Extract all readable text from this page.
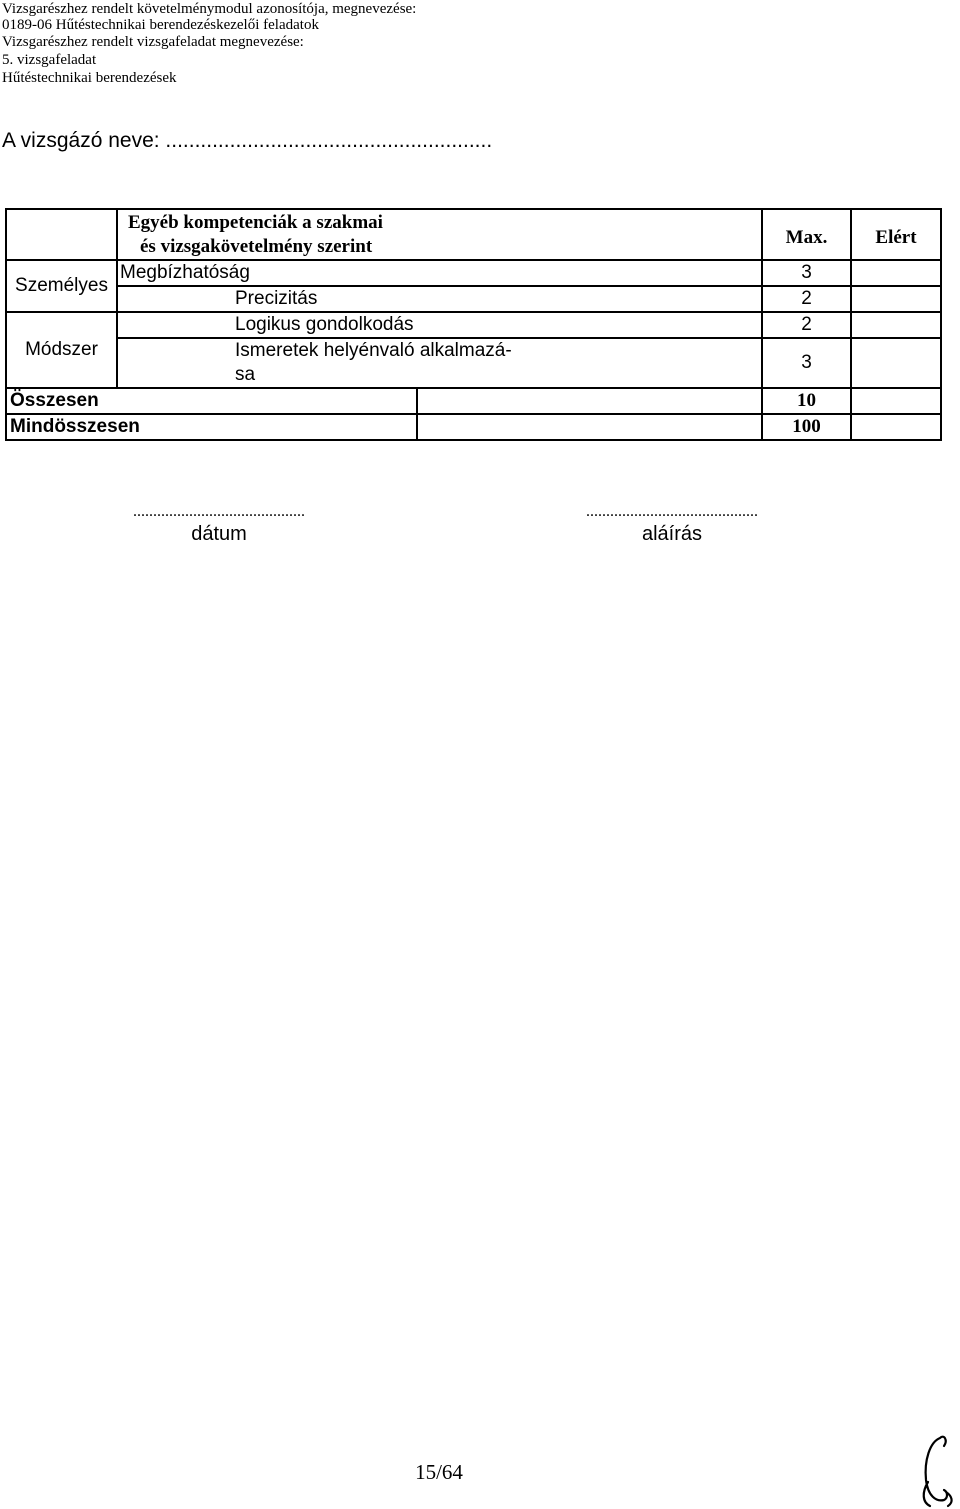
Vizsgarészhez rendelt követelménymodul azonosítója, megnevezése:
0189-06 Hűtéstechnikai berendezéskezelői feladatok
Vizsgarészhez rendelt vizsgafeladat megnevezése:
5. vizsgafeladat
Hűtéstechnikai berendezések
A vizsgázó neve: ........................................................

	Egyéb kompetenciák a szakmai
és vizsgakövetelmény szerint		Max.	Elért
Személyes	Megbízhatóság		3	
	Precizitás		2	
Módszer	Logikus gondolkodás		2	

	Ismeretek helyénvaló alkalmazá-
sa		3	
Összesen			10	
Mindösszesen			100	
...........................................
dátum
...........................................
aláírás
15/64
